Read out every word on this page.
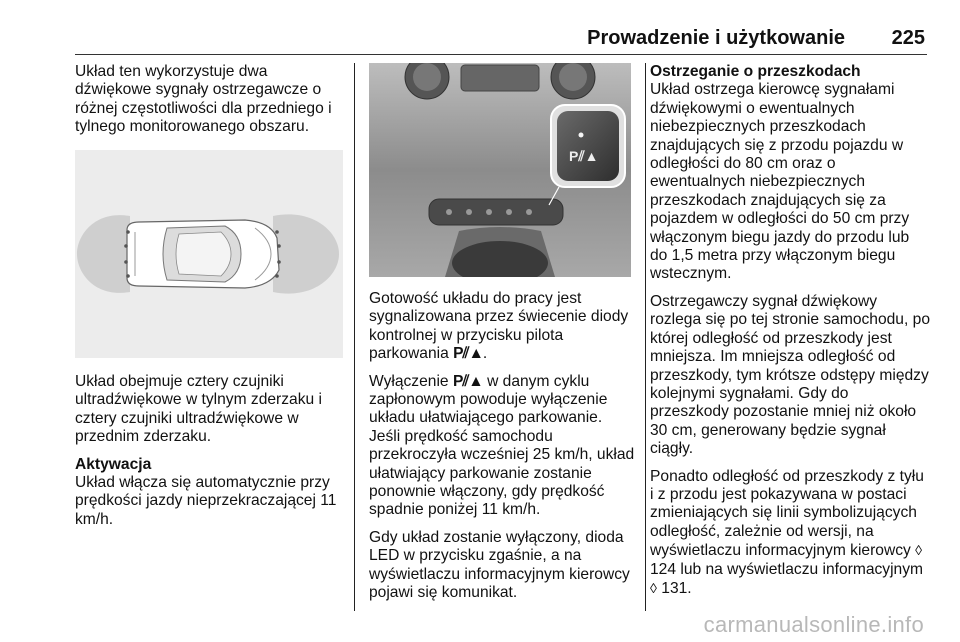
Prowadzenie i użytkowanie 225

Układ ten wykorzystuje dwa dźwiękowe sygnały ostrzegawcze o różnej częstotliwości dla przedniego i tylnego monitorowanego obszaru.

Układ obejmuje cztery czujniki ultradźwiękowe w tylnym zderzaku i cztery czujniki ultradźwiękowe w przednim zderzaku.

Aktywacja

Układ włącza się automatycznie przy prędkości jazdy nieprzekraczającej 11 km/h.

P⫽▲

Gotowość układu do pracy jest sygnalizowana przez świecenie diody kontrolnej w przycisku pilota parkowania P⫽▲.

Wyłączenie P⫽▲ w danym cyklu zapłonowym powoduje wyłączenie układu ułatwiającego parkowanie. Jeśli prędkość samochodu przekroczyła wcześniej 25 km/h, układ ułatwiający parkowanie zostanie ponownie włączony, gdy prędkość spadnie poniżej 11 km/h.

Gdy układ zostanie wyłączony, dioda LED w przycisku zgaśnie, a na wyświetlaczu informacyjnym kierowcy pojawi się komunikat.

Ostrzeganie o przeszkodach

Układ ostrzega kierowcę sygnałami dźwiękowymi o ewentualnych niebezpiecznych przeszkodach znajdujących się z przodu pojazdu w odległości do 80 cm oraz o ewentualnych niebezpiecznych przeszkodach znajdujących się za pojazdem w odległości do 50 cm przy włączonym biegu jazdy do przodu lub do 1,5 metra przy włączonym biegu wstecznym.

Ostrzegawczy sygnał dźwiękowy rozlega się po tej stronie samochodu, po której odległość od przeszkody jest mniejsza. Im mniejsza odległość od przeszkody, tym krótsze odstępy między kolejnymi sygnałami. Gdy do przeszkody pozostanie mniej niż około 30 cm, generowany będzie sygnał ciągły.

Ponadto odległość od przeszkody z tyłu i z przodu jest pokazywana w postaci zmieniających się linii symbolizujących odległość, zależnie od wersji, na wyświetlaczu informacyjnym kierowcy ◊ 124 lub na wyświetlaczu informacyjnym ◊ 131.

carmanualsonline.info
